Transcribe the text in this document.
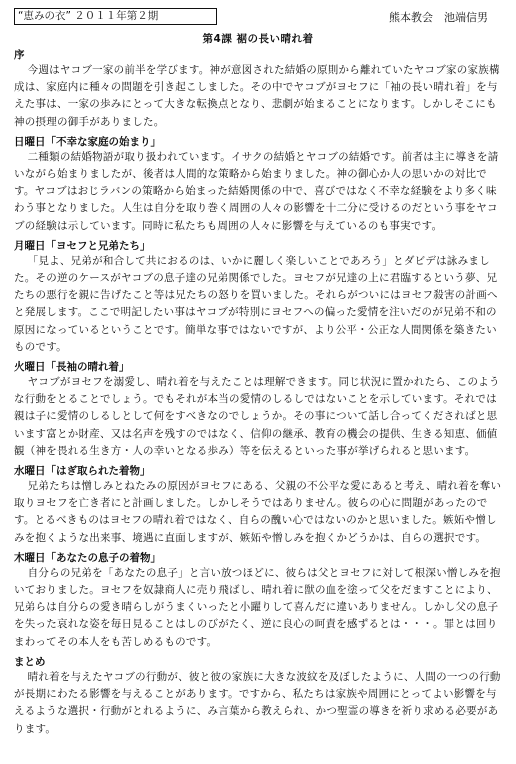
“恵みの衣” ２０１１年第２期	熊本教会　池端信男
第4課 裾の長い晴れ着
序

今週はヤコブ一家の前半を学びます。神が意図された結婚の原則から離れていたヤコブ家の家族構成は、家庭内に種々の問題を引き起こしました。その中でヤコブがヨセフに「袖の長い晴れ着」を与えた事は、一家の歩みにとって大きな転換点となり、悲劇が始まることになります。しかしそこにも神の摂理の御手がありました。

日曜日「不幸な家庭の始まり」

二種類の結婚物語が取り扱われています。イサクの結婚とヤコブの結婚です。前者は主に導きを請いながら始まりましたが、後者は人間的な策略から始まりました。神の御心か人の思いかの対比です。ヤコブはおじラバンの策略から始まった結婚関係の中で、喜びではなく不幸な経験をより多く味わう事となりました。人生は自分を取り巻く周囲の人々の影響を十二分に受けるのだという事をヤコブの経験は示しています。同時に私たちも周囲の人々に影響を与えているのも事実です。

月曜日「ヨセフと兄弟たち」

「見よ、兄弟が和合して共におるのは、いかに麗しく楽しいことであろう」とダビデは詠みました。その逆のケースがヤコブの息子達の兄弟関係でした。ヨセフが兄達の上に君臨するという夢、兄たちの悪行を親に告げたこと等は兄たちの怒りを買いました。それらがついにはヨセフ殺害の計画へと発展します。ここで明記したい事はヤコブが特別にヨセフへの偏った愛情を注いだのが兄弟不和の原因になっているということです。簡単な事ではないですが、より公平・公正な人間関係を築きたいものです。

火曜日「長袖の晴れ着」

ヤコブがヨセフを溺愛し、晴れ着を与えたことは理解できます。同じ状況に置かれたら、このような行動をとることでしょう。でもそれが本当の愛情のしるしではないことを示しています。それでは親は子に愛情のしるしとして何をすべきなのでしょうか。その事について話し合ってくださればと思います富とか財産、又は名声を残すのではなく、信仰の継承、教育の機会の提供、生きる知恵、価値観（神を畏れる生き方・人の幸いとなる歩み）等を伝えるといった事が挙げられると思います。

水曜日「はぎ取られた着物」

兄弟たちは憎しみとねたみの原因がヨセフにある、父親の不公平な愛にあると考え、晴れ着を奪い取りヨセフを亡き者にと計画しました。しかしそうではありません。彼らの心に問題があったのです。とるべきものはヨセフの晴れ着ではなく、自らの醜い心ではないのかと思いました。嫉妬や憎しみを抱くような出来事、境遇に直面しますが、嫉妬や憎しみを抱くかどうかは、自らの選択です。

木曜日「あなたの息子の着物」

自分らの兄弟を「あなたの息子」と言い放つほどに、彼らは父とヨセフに対して根深い憎しみを抱いておりました。ヨセフを奴隷商人に売り飛ばし、晴れ着に獣の血を塗って父をだますことにより、兄弟らは自分らの愛き晴らしがうまくいったと小躍りして喜んだに違いありません。しかし父の息子を失った哀れな姿を毎日見ることはしのびがたく、逆に良心の呵責を感ずるとは・・・。罪とは回りまわってその本人をも苦しめるものです。

まとめ

晴れ着を与えたヤコブの行動が、彼と彼の家族に大きな波紋を及ぼしたように、人間の一つの行動が長期にわたる影響を与えることがあります。ですから、私たちは家族や周囲にとってよい影響を与えるような選択・行動がとれるように、み言葉から教えられ、かつ聖霊の導きを祈り求める必要があります。
